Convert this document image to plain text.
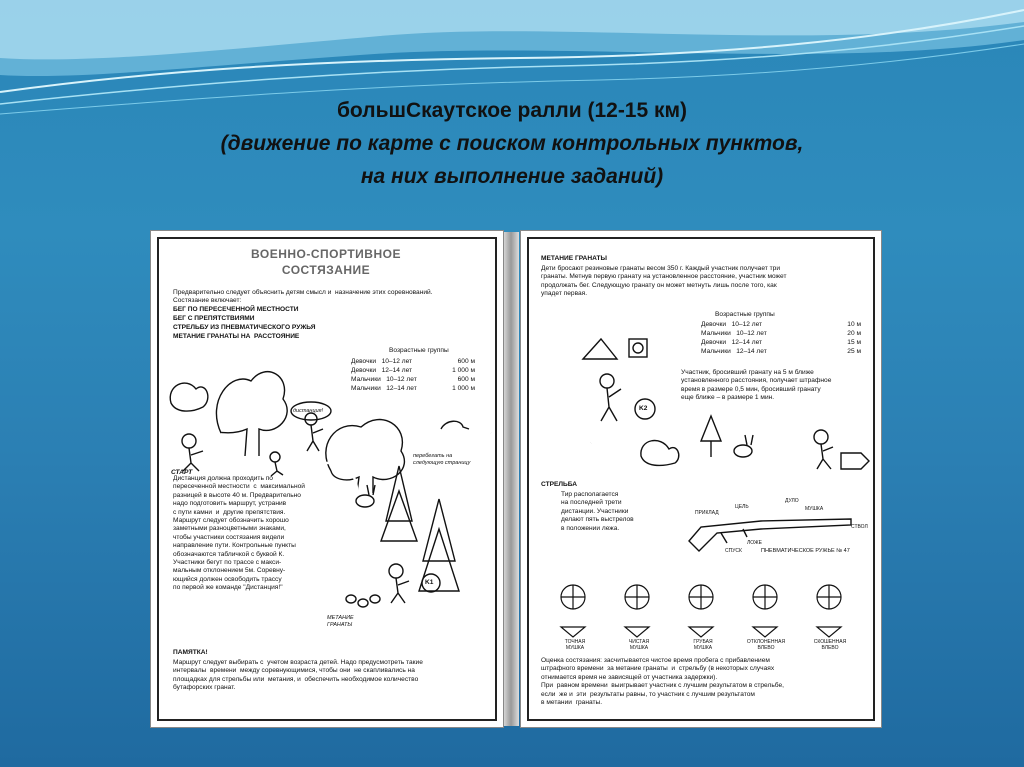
большСкаутское ралли (12-15 км)
(движение по карте с поиском контрольных пунктов,
на них выполнение заданий)
ВОЕННО-СПОРТИВНОЕ
СОСТЯЗАНИЕ
Предварительно следует объяснить детям смысл и  назначение этих соревнований.
Состязание включает:
БЕГ ПО ПЕРЕСЕЧЕННОЙ МЕСТНОСТИ
БЕГ С ПРЕПЯТСТВИЯМИ
СТРЕЛЬБУ ИЗ ПНЕВМАТИЧЕСКОГО РУЖЬЯ
МЕТАНИЕ ГРАНАТЫ НА  РАССТОЯНИЕ
Возрастные группы
Девочки   10–12 лет	600 м
Девочки   12–14 лет	1 000 м
Мальчики   10–12 лет	600 м
Мальчики   12–14 лет	1 000 м
дистанция!
СТАРТ
перебегать на следующую страницу
K1
МЕТАНИЕ ГРАНАТЫ
Дистанция должна проходить по
пересеченной местности  с  максимальной
разницей в высоте 40 м. Предварительно
надо подготовить маршрут, устранив
с пути камни  и  другие препятствия.
Маршрут следует обозначить хорошо
заметными разноцветными знаками,
чтобы участники состязания видели
направление пути. Контрольные пункты
обозначаются табличкой с буквой К.
Участники бегут по трассе с макси-
мальным отклонением 5м. Соревну-
ющийся должен освободить трассу
по первой же команде "Дистанция!"
ПАМЯТКА!
Маршрут следует выбирать с  учетом возраста детей. Надо предусмотреть такие
интервалы  времени  между соревнующимися, чтобы они  не скапливались на
площадках для стрельбы или  метания, и  обеспечить необходимое количество
бутафорских гранат.
МЕТАНИЕ ГРАНАТЫ
Дети бросают резиновые гранаты весом 350 г. Каждый участник получает три
гранаты. Метнув первую гранату на установленное расстояние, участник может
продолжать бег. Следующую гранату он может метнуть лишь после того, как
упадет первая.
Возрастные группы
Девочки   10–12 лет	10 м
Мальчики   10–12 лет	20 м
Девочки   12–14 лет	15 м
Мальчики   12–14 лет	25 м
Участник, бросивший гранату на 5 м ближе
установленного расстояния, получает штрафное
время в размере 0,5 мин, бросивший гранату
еще ближе – в размере 1 мин.
K2
СТРЕЛЬБА
Тир располагается
на последней трети
дистанции. Участники
делают пять выстрелов
в положении лежа.
ПРИКЛАД
ЦЕЛЬ	МУШКА
ДУЛО
СТВОЛ
СПУСК
ЛОЖЕ
ПНЕВМАТИЧЕСКОЕ РУЖЬЕ № 47
ТОЧНАЯ МУШКА
ЧИСТАЯ МУШКА
ГРУБАЯ МУШКА
ОТКЛОНЕННАЯ ВЛЕВО
СКОШЕННАЯ ВЛЕВО
Оценка состязания: засчитывается чистое время пробега с прибавлением
штрафного времени  за метание гранаты  и  стрельбу (в некоторых случаях
отнимается время не зависящей от участника задержки).
При  равном времени  выигрывает участник с лучшим результатом в стрельбе,
если  же и  эти  результаты равны, то участник с лучшим результатом
в метании  гранаты.
